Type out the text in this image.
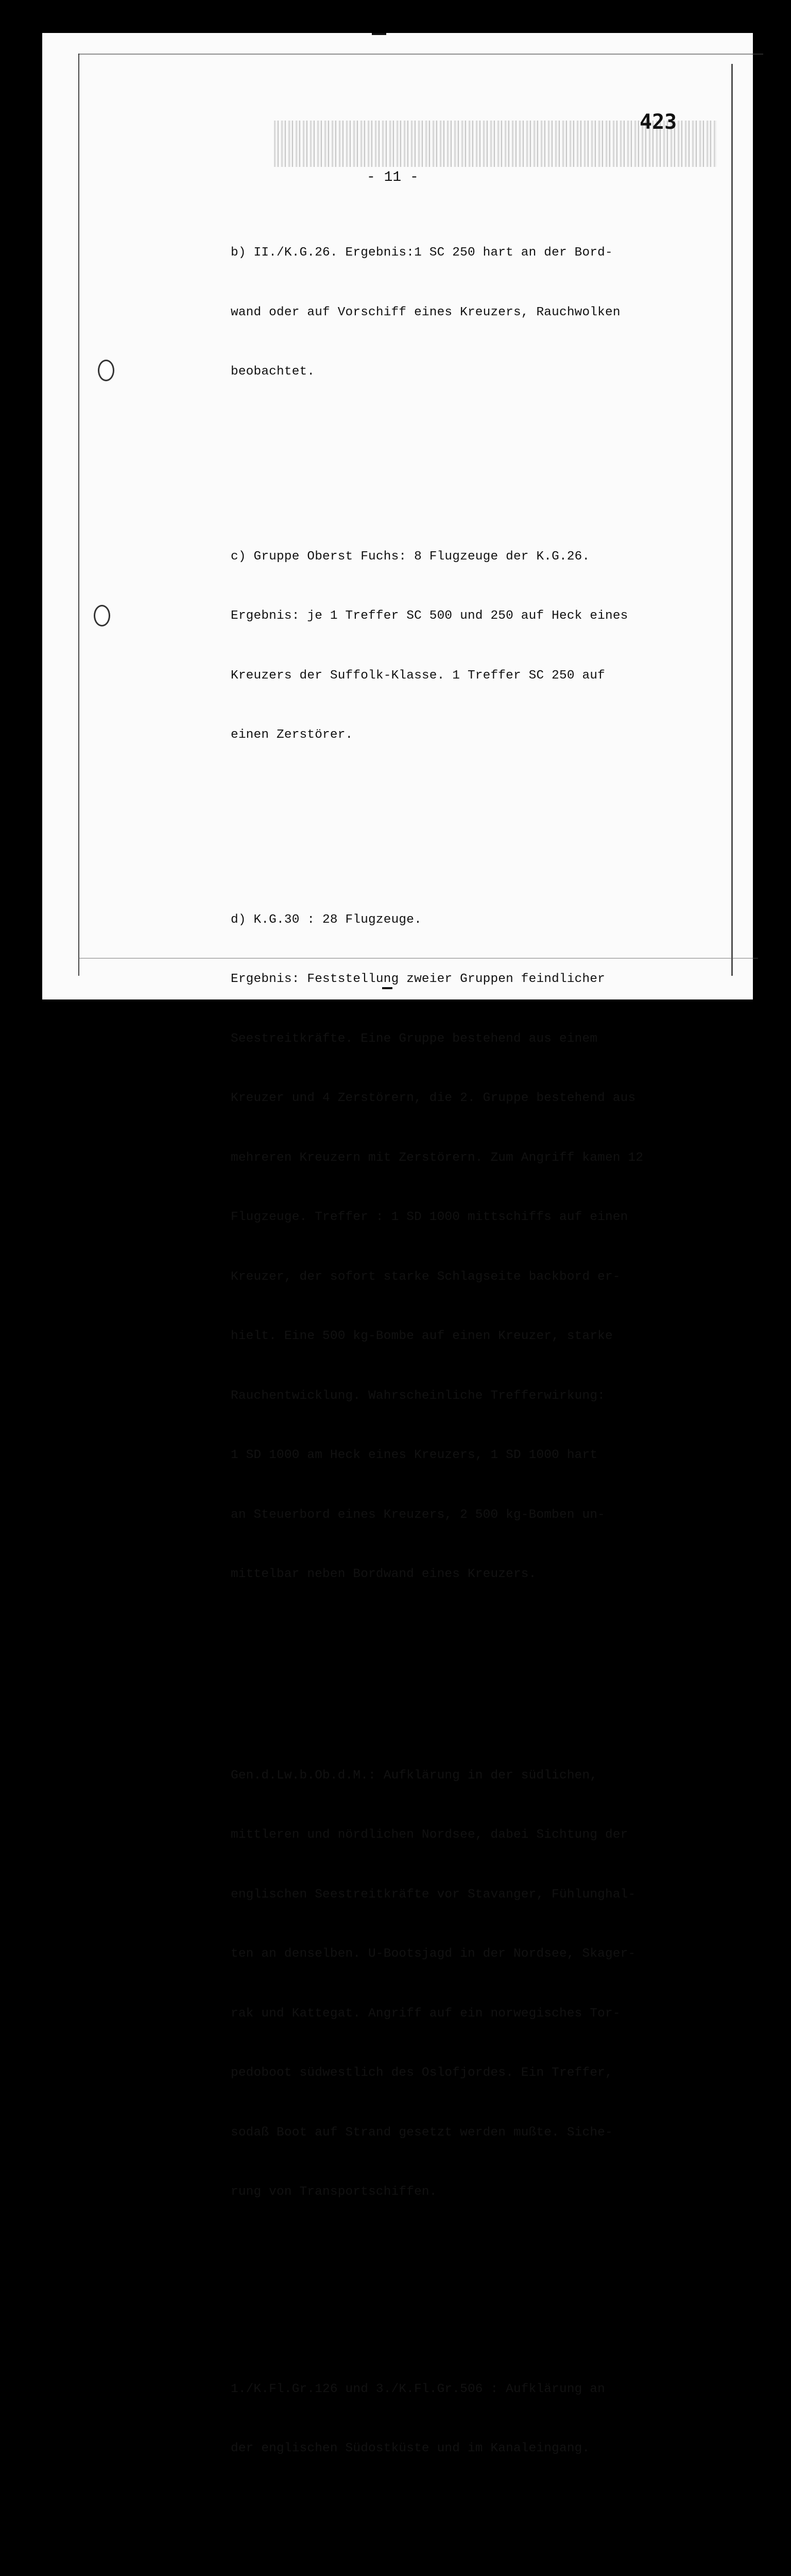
423
- 11 -

b) II./K.G.26. Ergebnis:1 SC 250 hart an der Bord-

wand oder auf Vorschiff eines Kreuzers, Rauchwolken

beobachtet.

c) Gruppe Oberst Fuchs: 8 Flugzeuge der K.G.26.

Ergebnis: je 1 Treffer SC 500 und 250 auf Heck eines

Kreuzers der Suffolk-Klasse. 1 Treffer SC 250 auf

einen Zerstörer.

d) K.G.30 : 28 Flugzeuge.

Ergebnis: Feststellung zweier Gruppen feindlicher

Seestreitkräfte. Eine Gruppe bestehend aus einem

Kreuzer und 4 Zerstörern, die 2. Gruppe bestehend aus

mehreren Kreuzern mit Zerstörern. Zum Angriff kamen 12

Flugzeuge. Treffer : 1 SD 1000 mittschiffs auf einen

Kreuzer, der sofort starke Schlagseite backbord er-

hielt. Eine 500 kg-Bombe auf einen Kreuzer, starke

Rauchentwicklung. Wahrscheinliche Trefferwirkung:

1 SD 1000 am Heck eines Kreuzers, 1 SD 1000 hart

an Steuerbord eines Kreuzers, 2 500 kg-Bomben un-

mittelbar neben Bordwand eines Kreuzers.

Gen.d.Lw.b.Ob.d.M.: Aufklärung in der südlichen,

mittleren und nördlichen Nordsee, dabei Sichtung der

englischen Seestreitkräfte vor Stavanger, Fühlunghal-

ten an denselben. U-Bootsjagd in der Nordsee, Skager-

rak und Kattegat. Angriff auf ein norwegisches Tor-

pedoboot südwestlich des Oslofjordes. Ein Treffer,

sodaß Boot auf Strand gesetzt werden mußte. Siche-

rung von Transportschiffen.

1./K.Fl.Gr.126 und 3./K.Fl.Gr.506 : Aufklärung an

der englischen Südostküste und im Kanaleingang.
